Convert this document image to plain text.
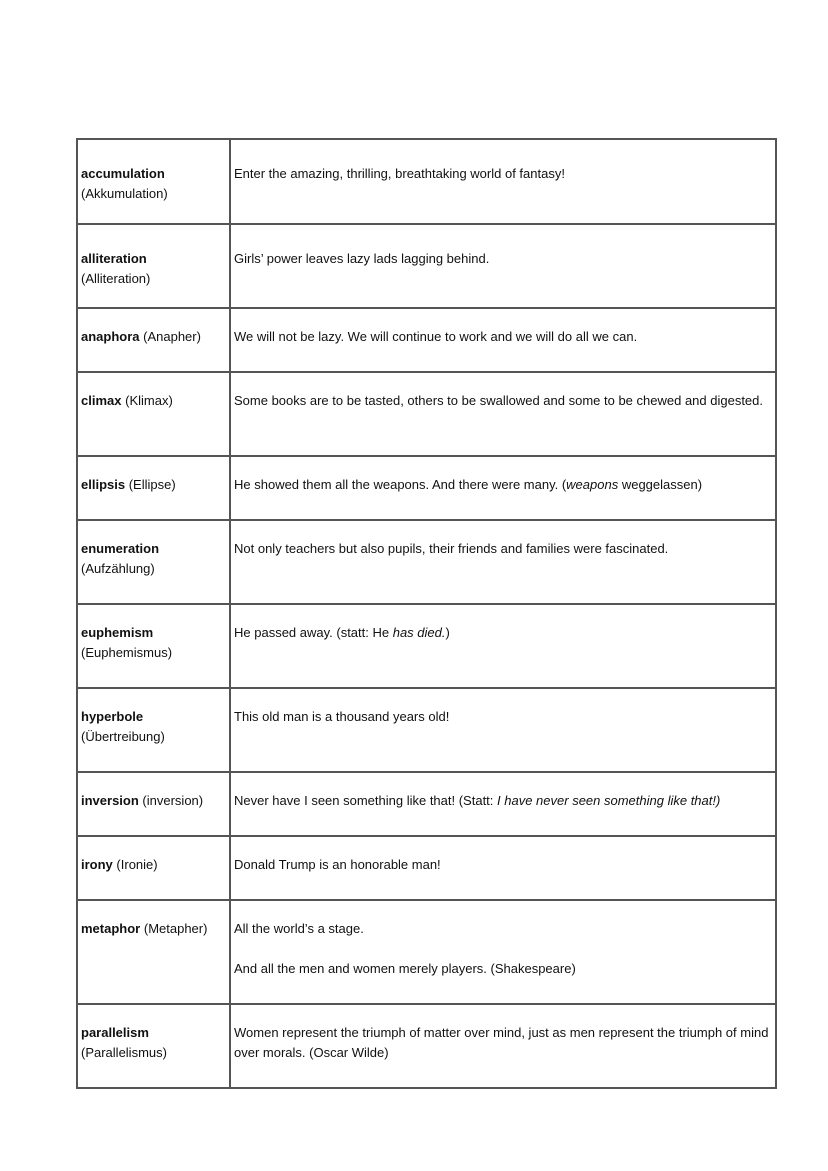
accumulation
(Akkumulation)	Enter the amazing, thrilling, breathtaking world of fantasy!
alliteration
(Alliteration)	Girls’ power leaves lazy lads lagging behind.
anaphora (Anapher)	We will not be lazy. We will continue to work and we will do all we can.
climax (Klimax)	Some books are to be tasted, others to be swallowed and some to be chewed and digested.
ellipsis (Ellipse)	He showed them all the weapons. And there were many. (weapons weggelassen)
enumeration
(Aufzählung)	Not only teachers but also pupils, their friends and families were fascinated.
euphemism
(Euphemismus)	He passed away. (statt: He has died.)
hyperbole
(Übertreibung)	This old man is a thousand years old!
inversion (inversion)	Never have I seen something like that! (Statt: I have never seen something like that!)
irony (Ironie)	Donald Trump is an honorable man!
metaphor (Metapher)	All the world’s a stage.
And all the men and women merely players. (Shakespeare)
parallelism
(Parallelismus)	Women represent the triumph of matter over mind, just as men represent the triumph of mind over morals. (Oscar Wilde)
